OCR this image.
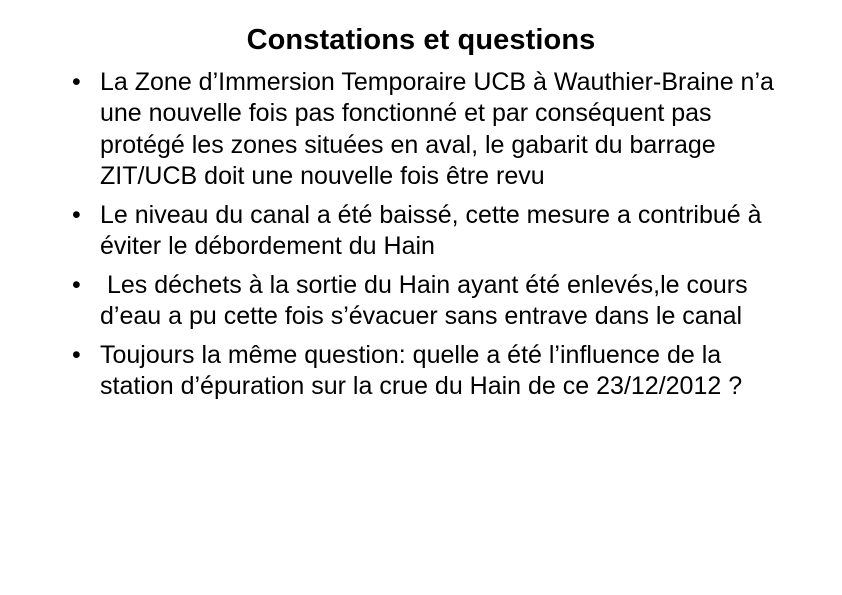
Constations et questions
• La Zone d’Immersion Temporaire UCB à Wauthier-Braine n’a une nouvelle fois pas fonctionné et par conséquent pas protégé les zones situées en aval, le gabarit du barrage ZIT/UCB doit une nouvelle fois être revu
• Le niveau du canal a été baissé, cette mesure a contribué à éviter le débordement du Hain
• Les déchets à la sortie du Hain ayant été enlevés,le cours d’eau a pu cette fois s’évacuer sans entrave dans le canal
• Toujours la même question: quelle a été l’influence de la station d’épuration sur la crue du Hain de ce 23/12/2012 ?
